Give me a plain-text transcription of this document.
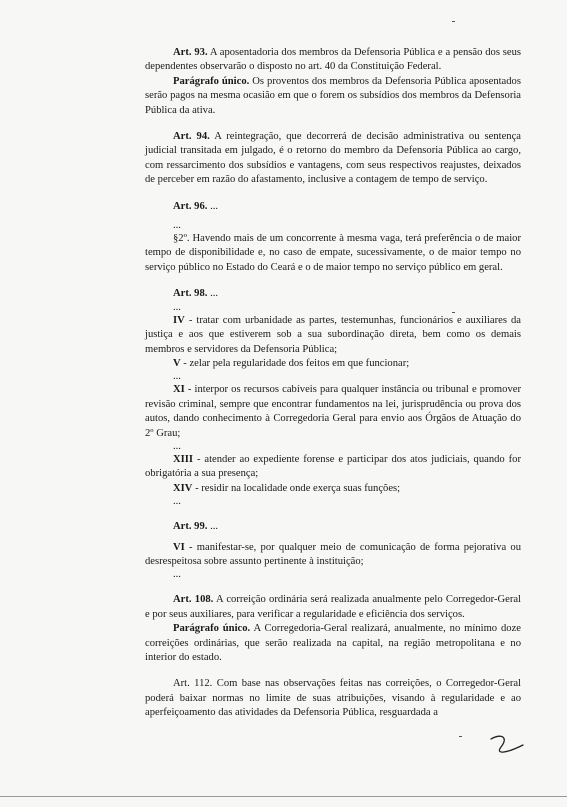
Art. 93. A aposentadoria dos membros da Defensoria Pública e a pensão dos seus dependentes observarão o disposto no art. 40 da Constituição Federal.

Parágrafo único. Os proventos dos membros da Defensoria Pública aposentados serão pagos na mesma ocasião em que o forem os subsídios dos membros da Defensoria Pública da ativa.

Art. 94. A reintegração, que decorrerá de decisão administrativa ou sentença judicial transitada em julgado, é o retorno do membro da Defensoria Pública ao cargo, com ressarcimento dos subsídios e vantagens, com seus respectivos reajustes, deixados de perceber em razão do afastamento, inclusive a contagem de tempo de serviço.

Art. 96. ...

...

§2º. Havendo mais de um concorrente à mesma vaga, terá preferência o de maior tempo de disponibilidade e, no caso de empate, sucessivamente, o de maior tempo no serviço público no Estado do Ceará e o de maior tempo no serviço público em geral.

Art. 98. ...

...

IV - tratar com urbanidade as partes, testemunhas, funcionários e auxiliares da justiça e aos que estiverem sob a sua subordinação direta, bem como os demais membros e servidores da Defensoria Pública;

V - zelar pela regularidade dos feitos em que funcionar;

...

XI - interpor os recursos cabíveis para qualquer instância ou tribunal e promover revisão criminal, sempre que encontrar fundamentos na lei, jurisprudência ou prova dos autos, dando conhecimento à Corregedoria Geral para envio aos Órgãos de Atuação do 2º Grau;

...

XIII - atender ao expediente forense e participar dos atos judiciais, quando for obrigatória a sua presença;

XIV - residir na localidade onde exerça suas funções;

...

Art. 99. ...

VI - manifestar-se, por qualquer meio de comunicação de forma pejorativa ou desrespeitosa sobre assunto pertinente à instituição;

...

Art. 108. A correição ordinária será realizada anualmente pelo Corregedor-Geral e por seus auxiliares, para verificar a regularidade e eficiência dos serviços.

Parágrafo único. A Corregedoria-Geral realizará, anualmente, no mínimo doze correições ordinárias, que serão realizada na capital, na região metropolitana e no interior do estado.

Art. 112. Com base nas observações feitas nas correições, o Corregedor-Geral poderá baixar normas no limite de suas atribuições, visando à regularidade e ao aperfeiçoamento das atividades da Defensoria Pública, resguardada a
